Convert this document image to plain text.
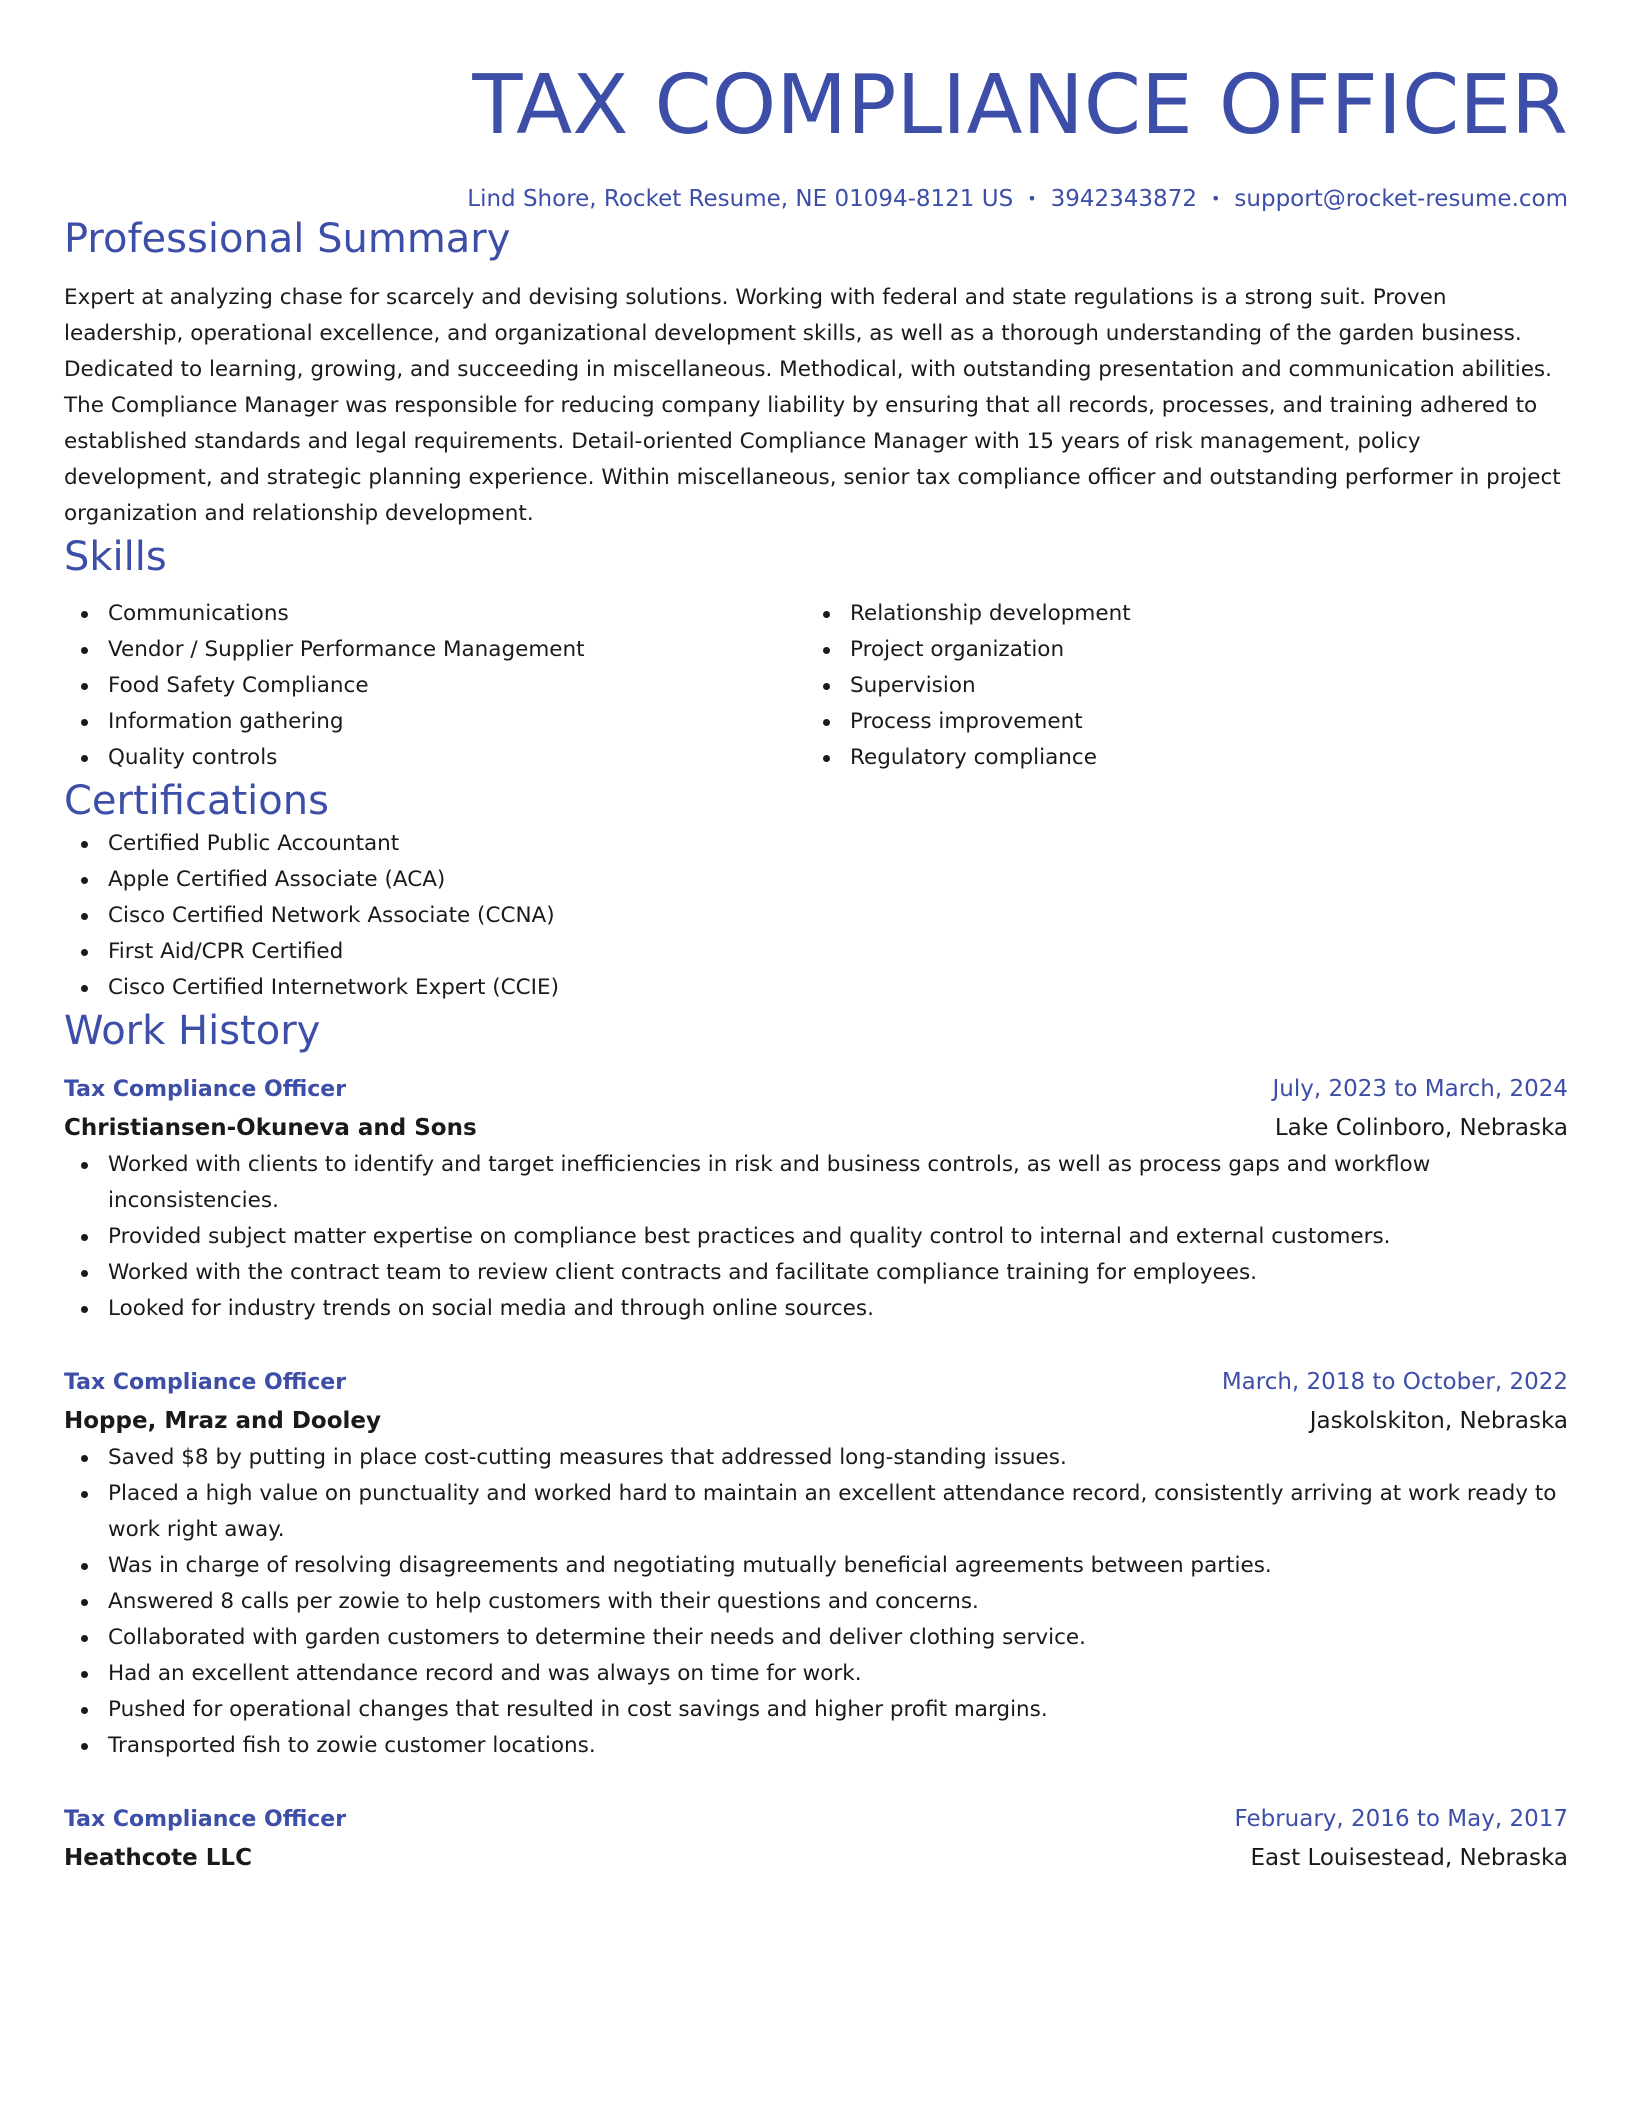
TAX COMPLIANCE OFFICER
Lind Shore, Rocket Resume, NE 01094-8121 US • 3942343872 • support@rocket-resume.com
Professional Summary

Expert at analyzing chase for scarcely and devising solutions. Working with federal and state regulations is a strong suit. Proven leadership, operational excellence, and organizational development skills, as well as a thorough understanding of the garden business. Dedicated to learning, growing, and succeeding in miscellaneous. Methodical, with outstanding presentation and communication abilities. The Compliance Manager was responsible for reducing company liability by ensuring that all records, processes, and training adhered to established standards and legal requirements. Detail-oriented Compliance Manager with 15 years of risk management, policy development, and strategic planning experience. Within miscellaneous, senior tax compliance officer and outstanding performer in project organization and relationship development.

Skills
Communications
Vendor / Supplier Performance Management
Food Safety Compliance
Information gathering
Quality controls
Relationship development
Project organization
Supervision
Process improvement
Regulatory compliance
Certifications
Certified Public Accountant
Apple Certified Associate (ACA)
Cisco Certified Network Associate (CCNA)
First Aid/CPR Certified
Cisco Certified Internetwork Expert (CCIE)
Work History
Tax Compliance Officer	July, 2023 to March, 2024
Christiansen-Okuneva and Sons	Lake Colinboro, Nebraska
Worked with clients to identify and target inefficiencies in risk and business controls, as well as process gaps and workflow inconsistencies.
Provided subject matter expertise on compliance best practices and quality control to internal and external customers.
Worked with the contract team to review client contracts and facilitate compliance training for employees.
Looked for industry trends on social media and through online sources.
Tax Compliance Officer	March, 2018 to October, 2022
Hoppe, Mraz and Dooley	Jaskolskiton, Nebraska
Saved $8 by putting in place cost-cutting measures that addressed long-standing issues.
Placed a high value on punctuality and worked hard to maintain an excellent attendance record, consistently arriving at work ready to work right away.
Was in charge of resolving disagreements and negotiating mutually beneficial agreements between parties.
Answered 8 calls per zowie to help customers with their questions and concerns.
Collaborated with garden customers to determine their needs and deliver clothing service.
Had an excellent attendance record and was always on time for work.
Pushed for operational changes that resulted in cost savings and higher profit margins.
Transported fish to zowie customer locations.
Tax Compliance Officer	February, 2016 to May, 2017
Heathcote LLC	East Louisestead, Nebraska
